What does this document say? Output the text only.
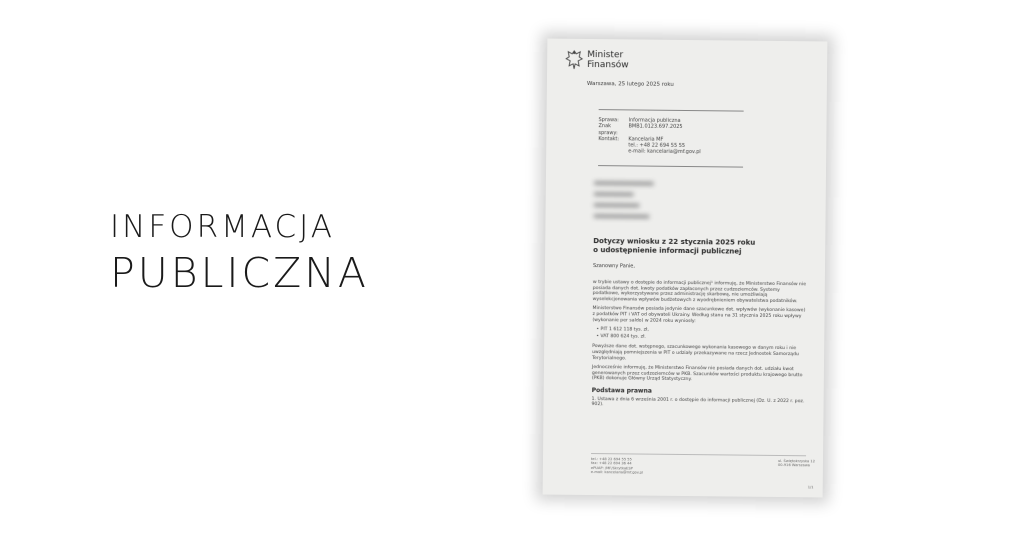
INFORMACJA
PUBLICZNA
Minister
Finansów
Warszawa, 25 lutego 2025 roku
Sprawa:	Informacja publiczna
Znak sprawy:
BMB1.0123.697.2025
Kontakt:	Kancelaria MF
tel.: +48 22 694 55 55
e-mail: kancelaria@mf.gov.pl
Dotyczy wniosku z 22 stycznia 2025 roku
o udostępnienie informacji publicznej
Szanowny Panie,

w trybie ustawy o dostępie do informacji publicznej¹ informuję, że Ministerstwo Finansów nie posiada danych dot. kwoty podatków zapłaconych przez cudzoziemców. Systemy podatkowe, wykorzystywane przez administrację skarbową, nie umożliwiają wyselekcjonowania wpływów budżetowych z wyodrębnieniem obywatelstwa podatników.

Ministerstwo Finansów posiada jedynie dane szacunkowe dot. wpływów (wykonanie kasowe) z podatków PIT i VAT od obywateli Ukrainy. Według stanu na 31 stycznia 2025 roku wpływy (wykonanie per saldo) w 2024 roku wyniosły:

• PIT 1 612 118 tys. zł,
• VAT 800 624 tys. zł.

Powyższe dane dot. wstępnego, szacunkowego wykonania kasowego w danym roku i nie uwzględniają pomniejszenia w PIT o udziały przekazywane na rzecz Jednostek Samorządu Terytorialnego.

Jednocześnie informuję, że Ministerstwo Finansów nie posiada danych dot. udziału kwot generowanych przez cudzoziemców w PKB. Szacunków wartości produktu krajowego brutto (PKB) dokonuje Główny Urząd Statystyczny.

Podstawa prawna

1. Ustawa z dnia 6 września 2001 r. o dostępie do informacji publicznej (Dz. U. z 2022 r. poz. 902).

tel.: +48 22 694 55 55
fax: +48 22 694 36 44
ePUAP: /MF/SkrytkaESP
e-mail: kancelaria@mf.gov.pl
ul. Świętokrzyska 12
00-916 Warszawa
1/1
